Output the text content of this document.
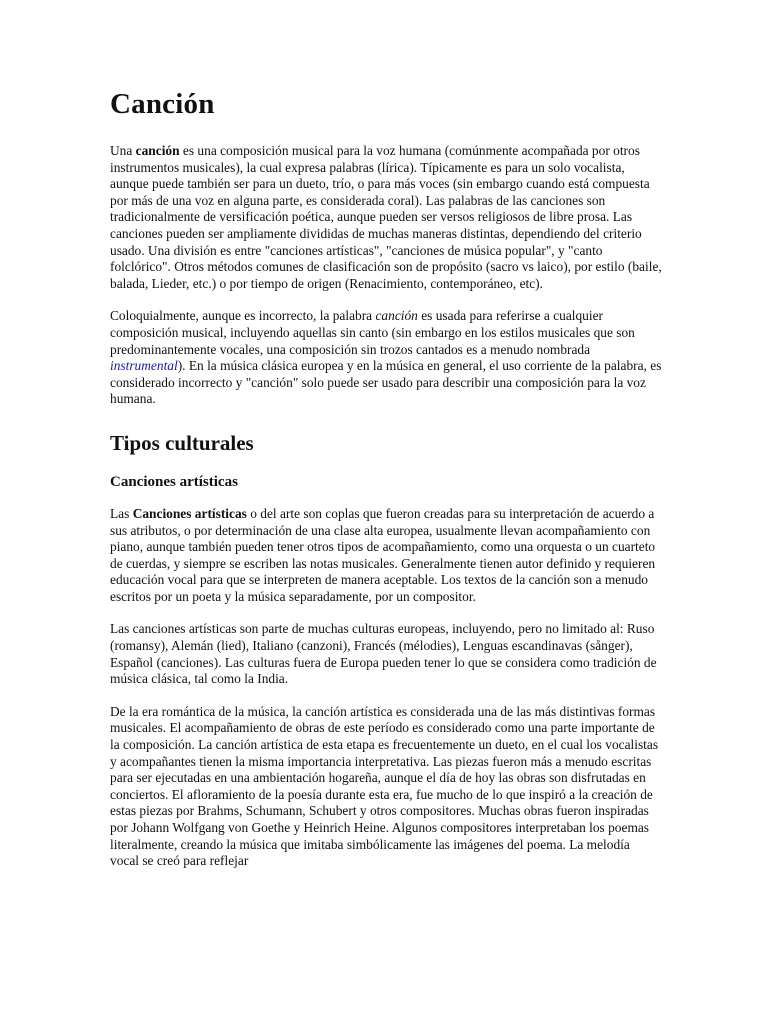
Canción

Una canción es una composición musical para la voz humana (comúnmente acompañada por otros instrumentos musicales), la cual expresa palabras (lírica). Típicamente es para un solo vocalista, aunque puede también ser para un dueto, trío, o para más voces (sin embargo cuando está compuesta por más de una voz en alguna parte, es considerada coral). Las palabras de las canciones son tradicionalmente de versificación poética, aunque pueden ser versos religiosos de libre prosa. Las canciones pueden ser ampliamente divididas de muchas maneras distintas, dependiendo del criterio usado. Una división es entre "canciones artísticas", "canciones de música popular", y "canto folclórico". Otros métodos comunes de clasificación son de propósito (sacro vs laico), por estilo (baile, balada, Lieder, etc.) o por tiempo de origen (Renacimiento, contemporáneo, etc).

Coloquialmente, aunque es incorrecto, la palabra canción es usada para referirse a cualquier composición musical, incluyendo aquellas sin canto (sin embargo en los estilos musicales que son predominantemente vocales, una composición sin trozos cantados es a menudo nombrada instrumental). En la música clásica europea y en la música en general, el uso corriente de la palabra, es considerado incorrecto y "canción" solo puede ser usado para describir una composición para la voz humana.

Tipos culturales
Canciones artísticas

Las Canciones artísticas o del arte son coplas que fueron creadas para su interpretación de acuerdo a sus atributos, o por determinación de una clase alta europea, usualmente llevan acompañamiento con piano, aunque también pueden tener otros tipos de acompañamiento, como una orquesta o un cuarteto de cuerdas, y siempre se escriben las notas musicales. Generalmente tienen autor definido y requieren educación vocal para que se interpreten de manera aceptable. Los textos de la canción son a menudo escritos por un poeta y la música separadamente, por un compositor.

Las canciones artísticas son parte de muchas culturas europeas, incluyendo, pero no limitado al: Ruso (romansy), Alemán (lied), Italiano (canzoni), Francés (mélodies), Lenguas escandinavas (sånger), Español (canciones). Las culturas fuera de Europa pueden tener lo que se considera como tradición de música clásica, tal como la India.

De la era romántica de la música, la canción artística es considerada una de las más distintivas formas musicales. El acompañamiento de obras de este período es considerado como una parte importante de la composición. La canción artística de esta etapa es frecuentemente un dueto, en el cual los vocalistas y acompañantes tienen la misma importancia interpretativa. Las piezas fueron más a menudo escritas para ser ejecutadas en una ambientación hogareña, aunque el día de hoy las obras son disfrutadas en conciertos. El afloramiento de la poesía durante esta era, fue mucho de lo que inspiró a la creación de estas piezas por Brahms, Schumann, Schubert y otros compositores. Muchas obras fueron inspiradas por Johann Wolfgang von Goethe y Heinrich Heine. Algunos compositores interpretaban los poemas literalmente, creando la música que imitaba simbólicamente las imágenes del poema. La melodía vocal se creó para reflejar
